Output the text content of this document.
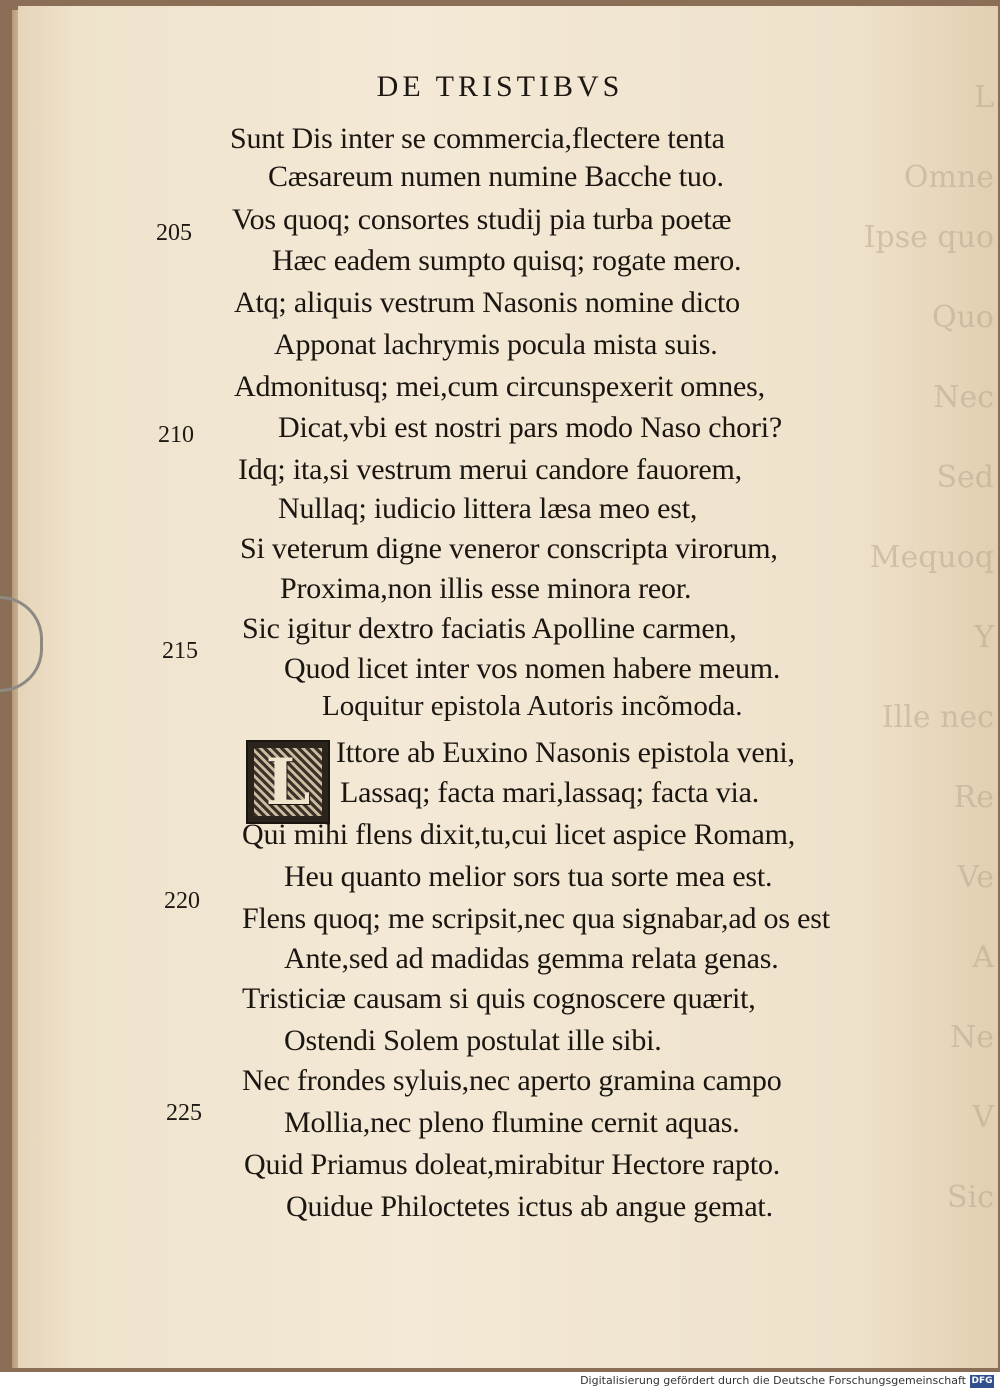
L
Omne
Ipse quo
Quo
Nec
Sed
Mequoq
Y
Ille nec
Re
Ve
A
Ne
V
Sic
DE TRISTIBVS
Sunt Dis inter se commercia,flectere tenta
Cæsareum numen numine Bacche tuo.
Vos quoq; consortes studij pia turba poetæ
Hæc eadem sumpto quisq; rogate mero.
Atq; aliquis vestrum Nasonis nomine dicto
Apponat lachrymis pocula mista suis.
Admonitusq; mei,cum circunspexerit omnes,
Dicat,vbi est nostri pars modo Naso chori?
Idq; ita,si vestrum merui candore fauorem,
Nullaq; iudicio littera læsa meo est,
Si veterum digne veneror conscripta virorum,
Proxima,non illis esse minora reor.
Sic igitur dextro faciatis Apolline carmen,
Quod licet inter vos nomen habere meum.
Loquitur epistola Autoris incõmoda.
L Ittore ab Euxino Nasonis epistola veni,
Lassaq; facta mari,lassaq; facta via.
Qui mihi flens dixit,tu,cui licet aspice Romam,
Heu quanto melior sors tua sorte mea est.
Flens quoq; me scripsit,nec qua signabar,ad os est
Ante,sed ad madidas gemma relata genas.
Tristiciæ causam si quis cognoscere quærit,
Ostendi Solem postulat ille sibi.
Nec frondes syluis,nec aperto gramina campo
Mollia,nec pleno flumine cernit aquas.
Quid Priamus doleat,mirabitur Hectore rapto.
Quidue Philoctetes ictus ab angue gemat.
205
210
215
220
225
Digitalisierung gefördert durch die Deutsche Forschungsgemeinschaft DFG
